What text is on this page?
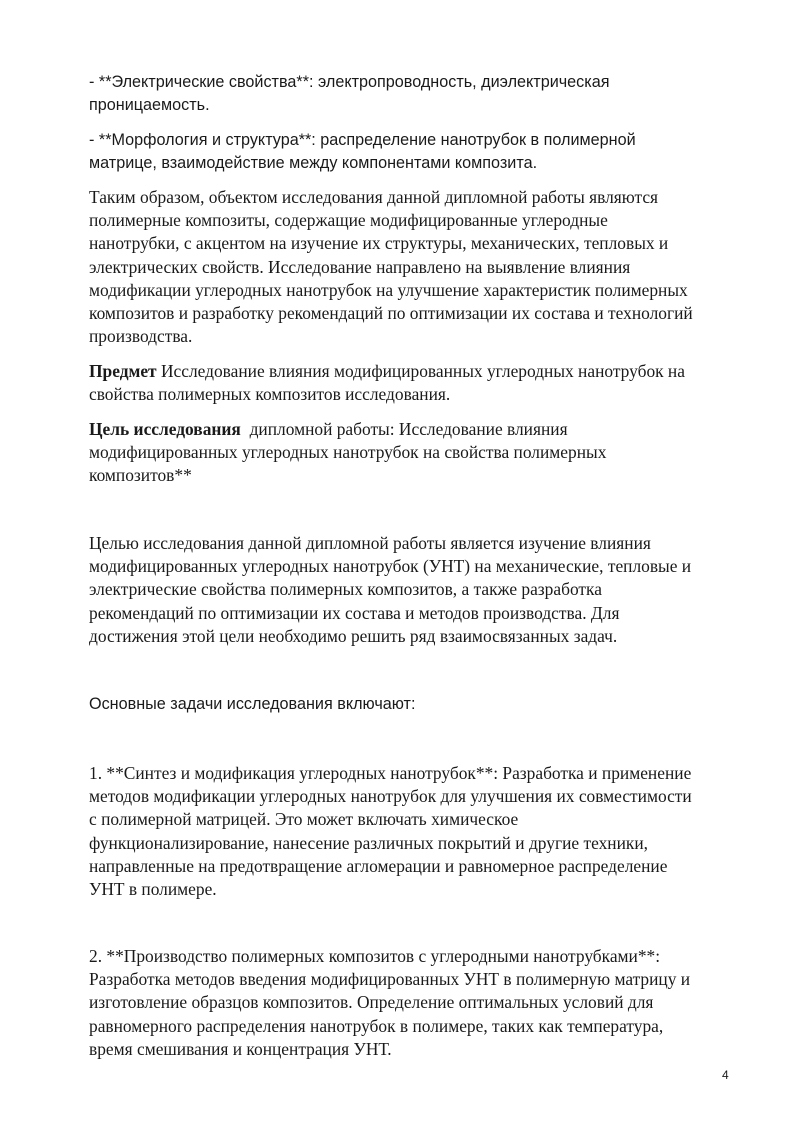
- **Электрические свойства**: электропроводность, диэлектрическая
проницаемость.

- **Морфология и структура**: распределение нанотрубок в полимерной
матрице, взаимодействие между компонентами композита.

Таким образом, объектом исследования данной дипломной работы являются
полимерные композиты, содержащие модифицированные углеродные
нанотрубки, с акцентом на изучение их структуры, механических, тепловых и
электрических свойств. Исследование направлено на выявление влияния
модификации углеродных нанотрубок на улучшение характеристик полимерных
композитов и разработку рекомендаций по оптимизации их состава и технологий
производства.

Предмет Исследование влияния модифицированных углеродных нанотрубок на
свойства полимерных композитов исследования.

Цель исследования дипломной работы: Исследование влияния
модифицированных углеродных нанотрубок на свойства полимерных
композитов**

Целью исследования данной дипломной работы является изучение влияния
модифицированных углеродных нанотрубок (УНТ) на механические, тепловые и
электрические свойства полимерных композитов, а также разработка
рекомендаций по оптимизации их состава и методов производства. Для
достижения этой цели необходимо решить ряд взаимосвязанных задач.

Основные задачи исследования включают:

1. **Синтез и модификация углеродных нанотрубок**: Разработка и применение
методов модификации углеродных нанотрубок для улучшения их совместимости
с полимерной матрицей. Это может включать химическое
функционализирование, нанесение различных покрытий и другие техники,
направленные на предотвращение агломерации и равномерное распределение
УНТ в полимере.

2. **Производство полимерных композитов с углеродными нанотрубками**:
Разработка методов введения модифицированных УНТ в полимерную матрицу и
изготовление образцов композитов. Определение оптимальных условий для
равномерного распределения нанотрубок в полимере, таких как температура,
время смешивания и концентрация УНТ.

4
